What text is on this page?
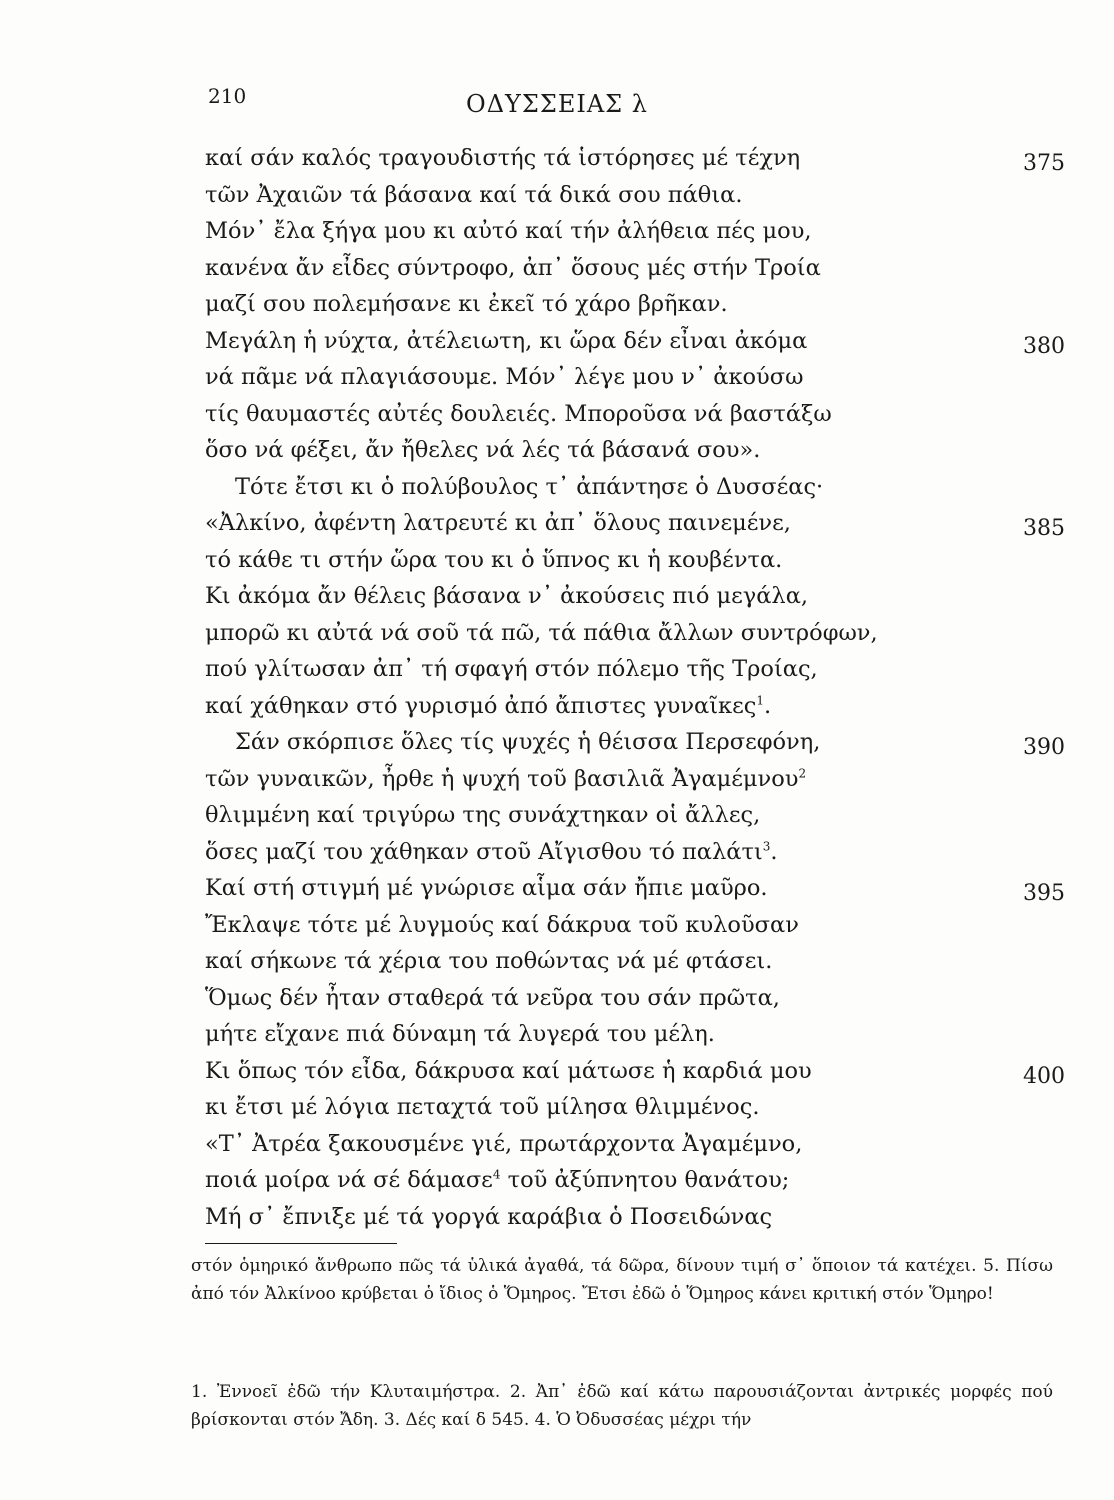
210	ΟΔΥΣΣΕΙΑΣ λ
καί σάν καλός τραγουδιστής τά ἱστόρησες μέ τέχνη	375
τῶν Ἀχαιῶν τά βάσανα καί τά δικά σου πάθια.
Μόν᾽ ἔλα ξήγα μου κι αὐτό καί τήν ἀλήθεια πές μου,
κανένα ἄν εἶδες σύντροφο, ἀπ᾽ ὅσους μές στήν Τροία
μαζί σου πολεμήσανε κι ἐκεῖ τό χάρο βρῆκαν.
Μεγάλη ἡ νύχτα, ἀτέλειωτη, κι ὥρα δέν εἶναι ἀκόμα	380
νά πᾶμε νά πλαγιάσουμε. Μόν᾽ λέγε μου ν᾽ ἀκούσω
τίς θαυμαστές αὐτές δουλειές. Μποροῦσα νά βαστάξω
ὅσο νά φέξει, ἄν ἤθελες νά λές τά βάσανά σου».
Τότε ἔτσι κι ὁ πολύβουλος τ᾽ ἀπάντησε ὁ Δυσσέας·
«Ἀλκίνο, ἀφέντη λατρευτέ κι ἀπ᾽ ὅλους παινεμένε,	385
τό κάθε τι στήν ὥρα του κι ὁ ὕπνος κι ἡ κουβέντα.
Κι ἀκόμα ἄν θέλεις βάσανα ν᾽ ἀκούσεις πιό μεγάλα,
μπορῶ κι αὐτά νά σοῦ τά πῶ, τά πάθια ἄλλων συντρόφων,
πού γλίτωσαν ἀπ᾽ τή σφαγή στόν πόλεμο τῆς Τροίας,
καί χάθηκαν στό γυρισμό ἀπό ἄπιστες γυναῖκες$^1$.
Σάν σκόρπισε ὅλες τίς ψυχές ἡ θέισσα Περσεφόνη,	390
τῶν γυναικῶν, ἦρθε ἡ ψυχή τοῦ βασιλιᾶ Ἀγαμέμνου$^2$
θλιμμένη καί τριγύρω της συνάχτηκαν οἱ ἄλλες,
ὅσες μαζί του χάθηκαν στοῦ Αἴγισθου τό παλάτι$^3$.
Καί στή στιγμή μέ γνώρισε αἷμα σάν ἤπιε μαῦρο.	395
Ἔκλαψε τότε μέ λυγμούς καί δάκρυα τοῦ κυλοῦσαν
καί σήκωνε τά χέρια του ποθώντας νά μέ φτάσει.
Ὅμως δέν ἦταν σταθερά τά νεῦρα του σάν πρῶτα,
μήτε εἴχανε πιά δύναμη τά λυγερά του μέλη.
Κι ὅπως τόν εἶδα, δάκρυσα καί μάτωσε ἡ καρδιά μου	400
κι ἔτσι μέ λόγια πεταχτά τοῦ μίλησα θλιμμένος.
«Τ᾽ Ἀτρέα ξακουσμένε γιέ, πρωτάρχοντα Ἀγαμέμνο,
ποιά μοίρα νά σέ δάμασε$^4$ τοῦ ἀξύπνητου θανάτου;
Μή σ᾽ ἔπνιξε μέ τά γοργά καράβια ὁ Ποσειδώνας
στόν ὁμηρικό ἄνθρωπο πῶς τά ὑλικά ἀγαθά, τά δῶρα, δίνουν τιμή σ᾽ ὅποιον τά κατέχει. 5. Πίσω ἀπό τόν Ἀλκίνοο κρύβεται ὁ ἴδιος ὁ Ὅμηρος. Ἔτσι ἐδῶ ὁ Ὅμηρος κάνει κριτική στόν Ὅμηρο!
1. Ἐννοεῖ ἐδῶ τήν Κλυταιμήστρα. 2. Ἀπ᾽ ἐδῶ καί κάτω παρουσιάζονται ἀντρικές μορφές πού βρίσκονται στόν Ἄδη. 3. Δές καί δ 545. 4. Ὁ Ὀδυσσέας μέχρι τήν
